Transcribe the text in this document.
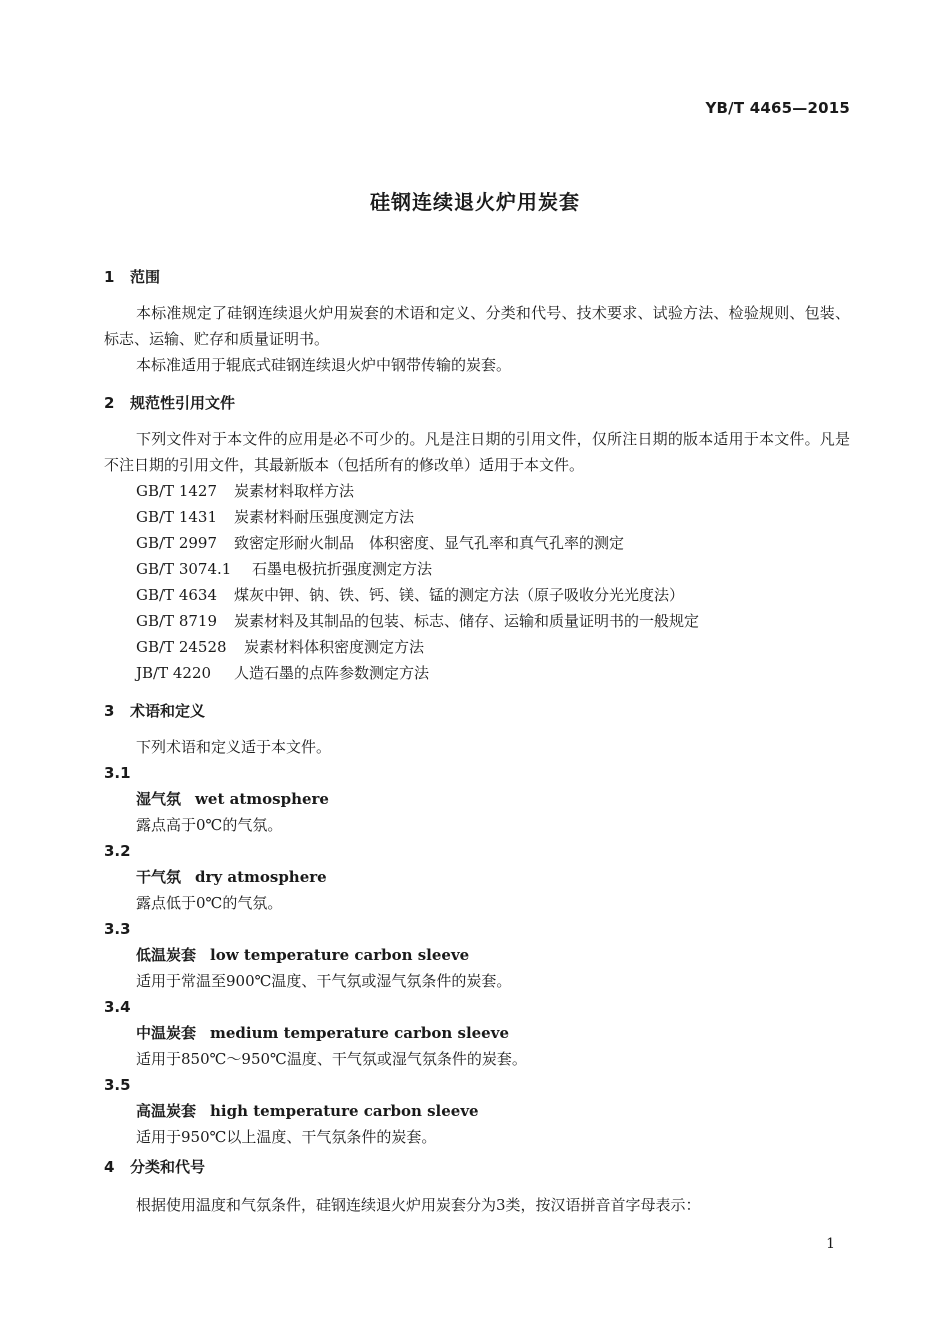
YB/T 4465—2015
硅钢连续退火炉用炭套
1 范围
本标准规定了硅钢连续退火炉用炭套的术语和定义、分类和代号、技术要求、试验方法、检验规则、包装、标志、运输、贮存和质量证明书。
本标准适用于辊底式硅钢连续退火炉中钢带传输的炭套。
2 规范性引用文件
下列文件对于本文件的应用是必不可少的。凡是注日期的引用文件，仅所注日期的版本适用于本文件。凡是不注日期的引用文件，其最新版本（包括所有的修改单）适用于本文件。
GB/T 1427 炭素材料取样方法
GB/T 1431 炭素材料耐压强度测定方法
GB/T 2997 致密定形耐火制品　体积密度、显气孔率和真气孔率的测定
GB/T 3074.1 石墨电极抗折强度测定方法
GB/T 4634 煤灰中钾、钠、铁、钙、镁、锰的测定方法（原子吸收分光光度法）
GB/T 8719 炭素材料及其制品的包装、标志、储存、运输和质量证明书的一般规定
GB/T 24528 炭素材料体积密度测定方法
JB/T 4220 人造石墨的点阵参数测定方法
3 术语和定义
下列术语和定义适于本文件。
3.1
湿气氛 wet atmosphere
露点高于0℃的气氛。
3.2
干气氛 dry atmosphere
露点低于0℃的气氛。
3.3
低温炭套 low temperature carbon sleeve
适用于常温至900℃温度、干气氛或湿气氛条件的炭套。
3.4
中温炭套 medium temperature carbon sleeve
适用于850℃～950℃温度、干气氛或湿气氛条件的炭套。
3.5
高温炭套 high temperature carbon sleeve
适用于950℃以上温度、干气氛条件的炭套。
4 分类和代号
根据使用温度和气氛条件，硅钢连续退火炉用炭套分为3类，按汉语拼音首字母表示：
1
